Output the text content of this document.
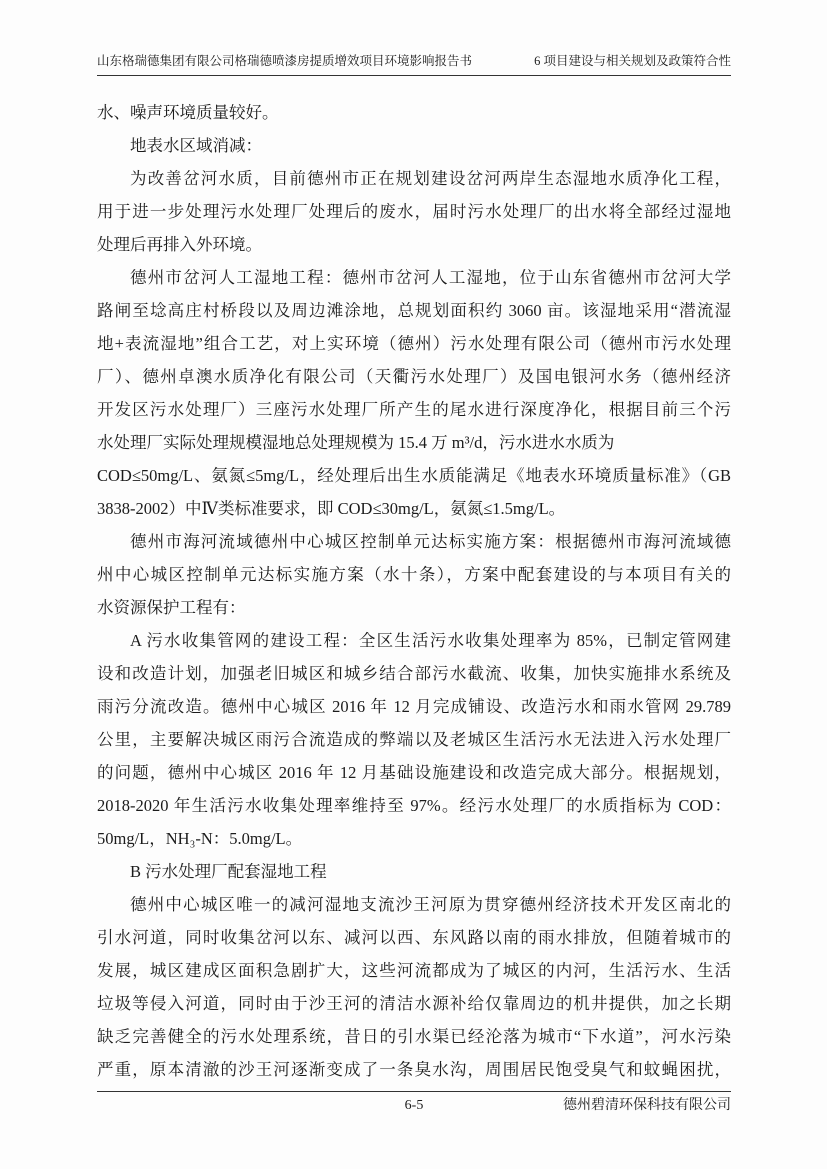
山东格瑞德集团有限公司格瑞德喷漆房提质增效项目环境影响报告书	6 项目建设与相关规划及政策符合性
水、噪声环境质量较好。
地表水区域消减：
为改善岔河水质，目前德州市正在规划建设岔河两岸生态湿地水质净化工程，
用于进一步处理污水处理厂处理后的废水，届时污水处理厂的出水将全部经过湿地
处理后再排入外环境。
德州市岔河人工湿地工程：德州市岔河人工湿地，位于山东省德州市岔河大学
路闸至埝高庄村桥段以及周边滩涂地，总规划面积约 3060 亩。该湿地采用“潜流湿
地+表流湿地”组合工艺，对上实环境（德州）污水处理有限公司（德州市污水处理
厂）、德州卓澳水质净化有限公司（天衢污水处理厂）及国电银河水务（德州经济
开发区污水处理厂）三座污水处理厂所产生的尾水进行深度净化，根据目前三个污
水处理厂实际处理规模湿地总处理规模为 15.4 万 m³/d，污水进水水质为
COD≤50mg/L、氨氮≤5mg/L，经处理后出生水质能满足《地表水环境质量标准》（GB
3838-2002）中Ⅳ类标准要求，即 COD≤30mg/L，氨氮≤1.5mg/L。
德州市海河流域德州中心城区控制单元达标实施方案：根据德州市海河流域德
州中心城区控制单元达标实施方案（水十条），方案中配套建设的与本项目有关的
水资源保护工程有：
A 污水收集管网的建设工程：全区生活污水收集处理率为 85%，已制定管网建
设和改造计划，加强老旧城区和城乡结合部污水截流、收集，加快实施排水系统及
雨污分流改造。德州中心城区 2016 年 12 月完成铺设、改造污水和雨水管网 29.789
公里，主要解决城区雨污合流造成的弊端以及老城区生活污水无法进入污水处理厂
的问题，德州中心城区 2016 年 12 月基础设施建设和改造完成大部分。根据规划，
2018-2020 年生活污水收集处理率维持至 97%。经污水处理厂的水质指标为 COD：
50mg/L，NH₃-N：5.0mg/L。
B 污水处理厂配套湿地工程
德州中心城区唯一的减河湿地支流沙王河原为贯穿德州经济技术开发区南北的
引水河道，同时收集岔河以东、减河以西、东风路以南的雨水排放，但随着城市的
发展，城区建成区面积急剧扩大，这些河流都成为了城区的内河，生活污水、生活
垃圾等侵入河道，同时由于沙王河的清洁水源补给仅靠周边的机井提供，加之长期
缺乏完善健全的污水处理系统，昔日的引水渠已经沦落为城市“下水道”，河水污染
严重，原本清澈的沙王河逐渐变成了一条臭水沟，周围居民饱受臭气和蚊蝇困扰，
6-5	德州碧清环保科技有限公司
